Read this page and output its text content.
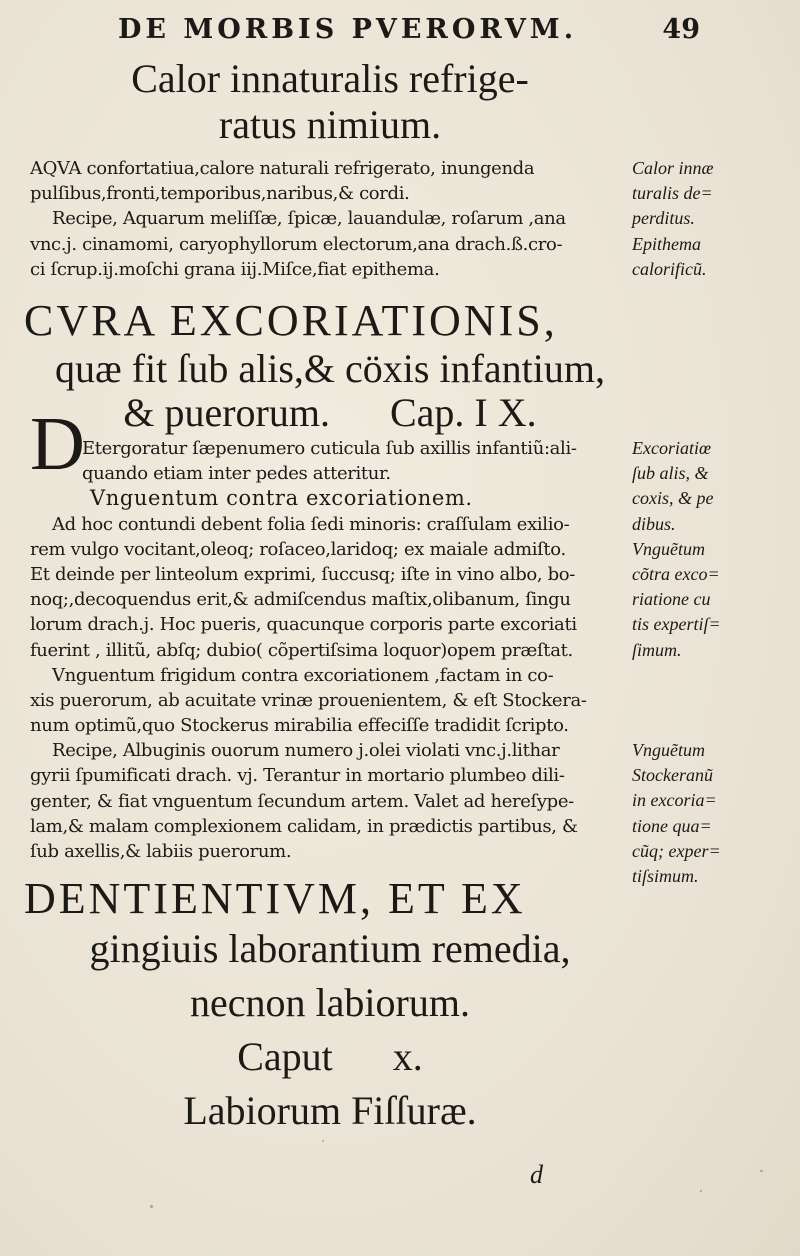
DE MORBIS PVERORVM.	49
Calor innaturalis refrige-
ratus nimium.
AQVA confortatiua,calore naturali refrigerato, inungenda
pulſibus,fronti,temporibus,naribus,& cordi.
Recipe, Aquarum meliſſæ, ſpicæ, lauandulæ, roſarum ,ana
vnc.j. cinamomi, caryophyllorum electorum,ana drach.ß.cro-
ci ſcrup.ij.moſchi grana iij.Miſce,fiat epithema.
Calor innæ
turalis de=
perditus.
Epithema
calorificũ.
CVRA EXCORIATIONIS,
quæ fit ſub alis,& cöxis infantium,
& puerorum.      Cap. I X.
D
Etergoratur ſæpenumero cuticula ſub axillis infantiũ:ali-
quando etiam inter pedes atteritur.
Vnguentum contra excoriationem.
Ad hoc contundi debent folia ſedi minoris: craſſulam exilio-
rem vulgo vocitant,oleoq; roſaceo,laridoq; ex maiale admiſto.
Et deinde per linteolum exprimi, ſuccusq; iſte in vino albo, bo-
noq;,decoquendus erit,& admiſcendus maſtix,olibanum, ſingu
lorum drach.j. Hoc pueris, quacunque corporis parte excoriati
fuerint , illitũ, abſq; dubio( cõpertiſsima loquor)opem præſtat.
Vnguentum frigidum contra excoriationem ,factam in co-
xis puerorum, ab acuitate vrinæ prouenientem, & eſt Stockera-
num optimũ,quo Stockerus mirabilia effeciſſe tradidit ſcripto.
Recipe, Albuginis ouorum numero j.olei violati vnc.j.lithar
gyrii ſpumificati drach. vj. Terantur in mortario plumbeo dili-
genter, & fiat vnguentum ſecundum artem. Valet ad hereſype-
lam,& malam complexionem calidam, in prædictis partibus, &
ſub axellis,& labiis puerorum.
Excoriatiœ
ſub alis, &
coxis, & pe
dibus.
Vnguẽtum
cõtra exco=
riatione cu
tis expertiſ=
ſimum.
Vnguẽtum
Stockeranũ
in excoria=
tione qua=
cũq; exper=
tiſsimum.
DENTIENTIVM, ET EX
gingiuis laborantium remedia,
necnon labiorum.
Caput      x.
Labiorum Fiſſuræ.
d
